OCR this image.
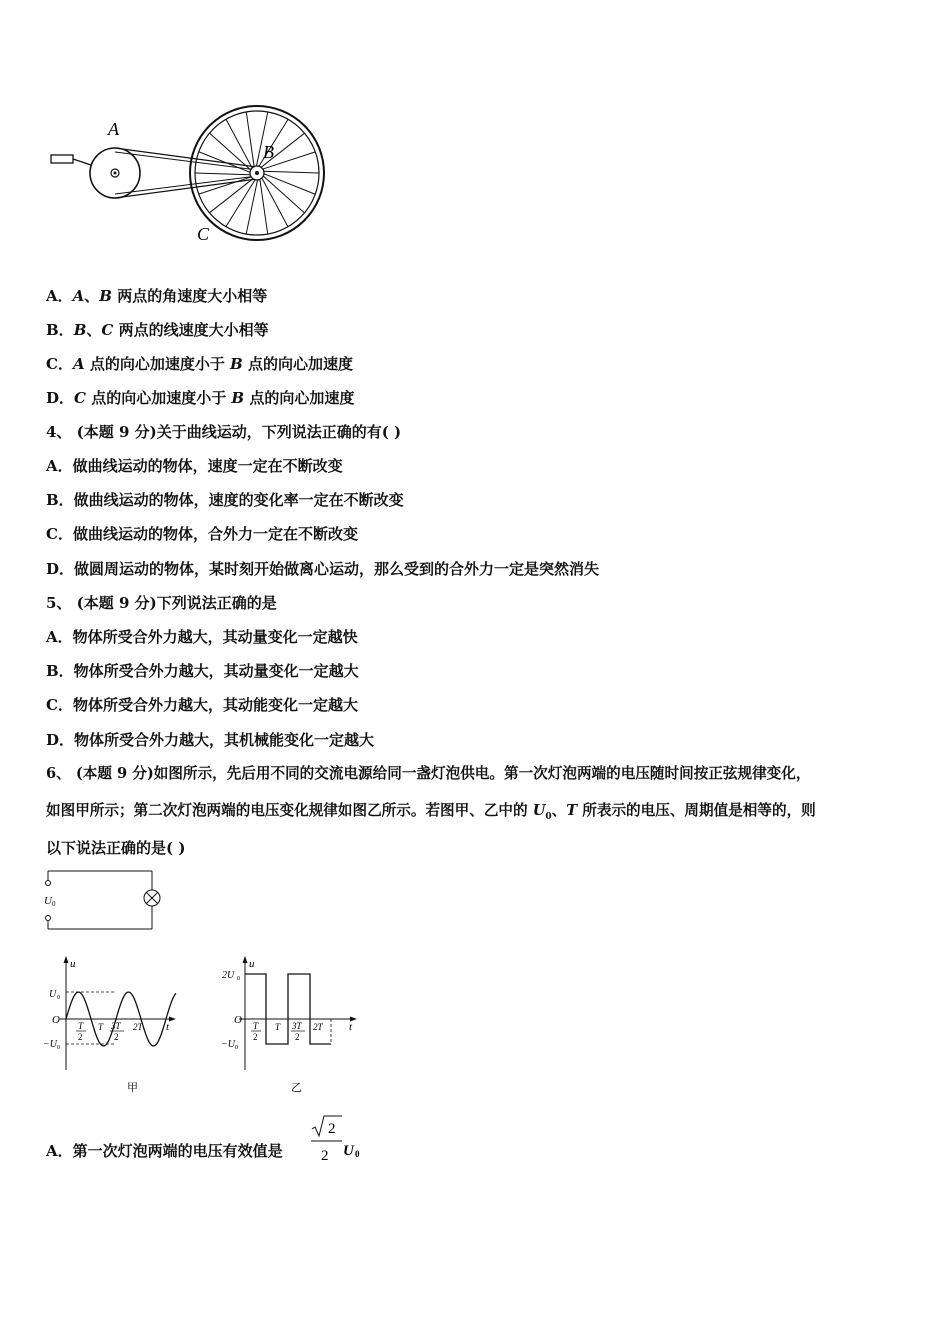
A
B
C
A．A、B 两点的角速度大小相等
B．B、C 两点的线速度大小相等
C．A 点的向心加速度小于 B 点的向心加速度
D．C 点的向心加速度小于 B 点的向心加速度
4、 (本题 9 分)关于曲线运动，下列说法正确的有( )
A．做曲线运动的物体，速度一定在不断改变
B．做曲线运动的物体，速度的变化率一定在不断改变
C．做曲线运动的物体，合外力一定在不断改变
D．做圆周运动的物体，某时刻开始做离心运动，那么受到的合外力一定是突然消失
5、 (本题 9 分)下列说法正确的是
A．物体所受合外力越大，其动量变化一定越快
B．物体所受合外力越大，其动量变化一定越大
C．物体所受合外力越大，其动能变化一定越大
D．物体所受合外力越大，其机械能变化一定越大
6、 (本题 9 分)如图所示，先后用不同的交流电源给同一盏灯泡供电。第一次灯泡两端的电压随时间按正弦规律变化，
如图甲所示；第二次灯泡两端的电压变化规律如图乙所示。若图甲、乙中的 $U_0$、T 所表示的电压、周期值是相等的，则
以下说法正确的是( )
U 0
u
t
O
U 0
−U 0
T
2
T 3T
2
2T
甲
u
t
O
2U 0
−U 0
T
2
T 3T
2
2T
乙
A．第一次灯泡两端的电压有效值是
2
2 U 0
